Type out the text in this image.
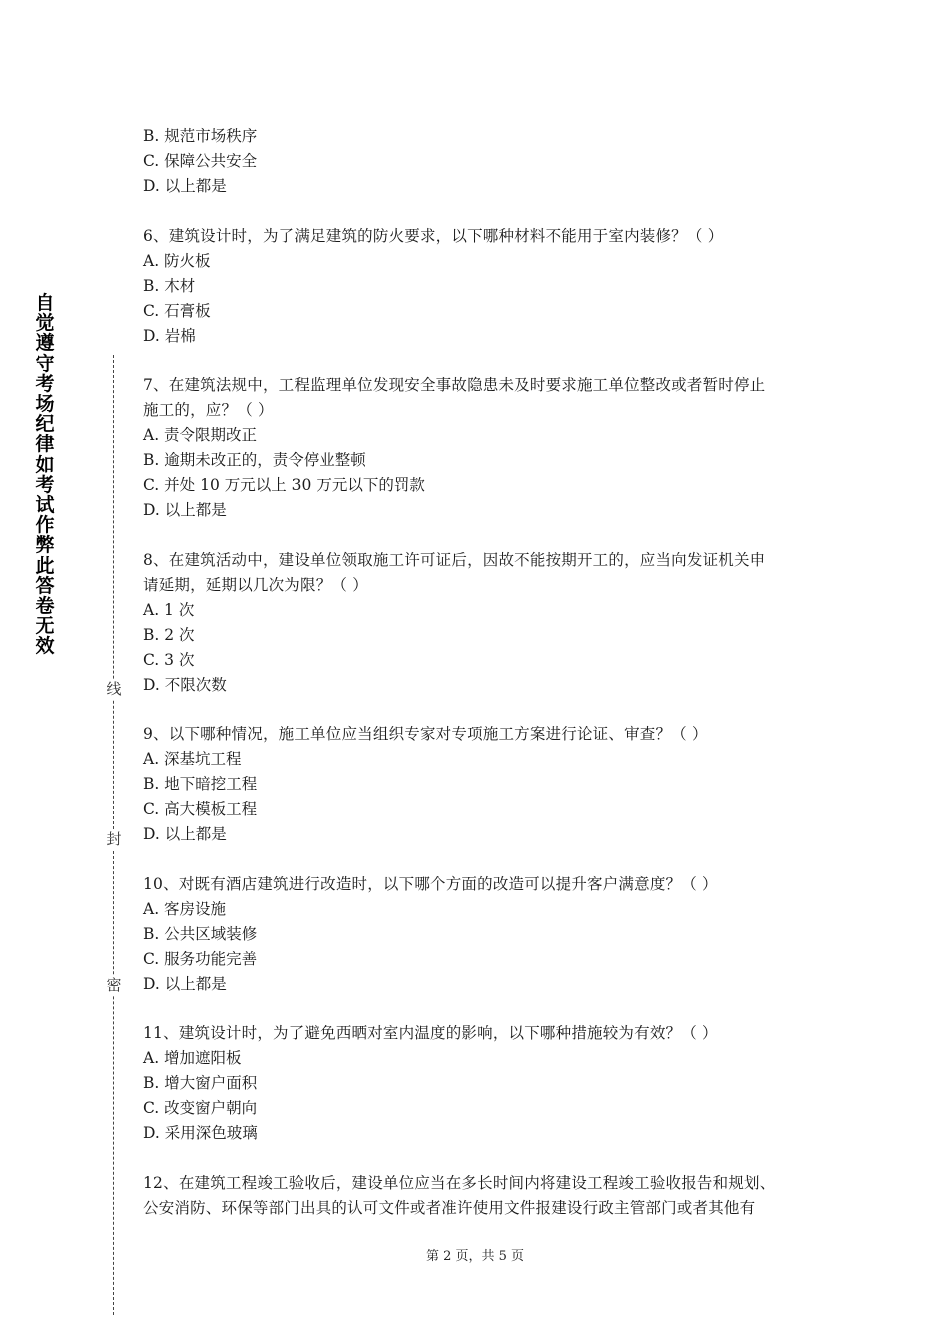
自
觉
遵
守
考
场
纪
律
如
考
试
作
弊
此
答
卷
无
效
线
封
密
B. 规范市场秩序
C. 保障公共安全
D. 以上都是
6、建筑设计时，为了满足建筑的防火要求，以下哪种材料不能用于室内装修？（ ）
A. 防火板
B. 木材
C. 石膏板
D. 岩棉
7、在建筑法规中，工程监理单位发现安全事故隐患未及时要求施工单位整改或者暂时停止
施工的，应？（ ）
A. 责令限期改正
B. 逾期未改正的，责令停业整顿
C. 并处 10 万元以上 30 万元以下的罚款
D. 以上都是
8、在建筑活动中，建设单位领取施工许可证后，因故不能按期开工的，应当向发证机关申
请延期，延期以几次为限？（ ）
A. 1 次
B. 2 次
C. 3 次
D. 不限次数
9、以下哪种情况，施工单位应当组织专家对专项施工方案进行论证、审查？（ ）
A. 深基坑工程
B. 地下暗挖工程
C. 高大模板工程
D. 以上都是
10、对既有酒店建筑进行改造时，以下哪个方面的改造可以提升客户满意度？（ ）
A. 客房设施
B. 公共区域装修
C. 服务功能完善
D. 以上都是
11、建筑设计时，为了避免西晒对室内温度的影响，以下哪种措施较为有效？（ ）
A. 增加遮阳板
B. 增大窗户面积
C. 改变窗户朝向
D. 采用深色玻璃
12、在建筑工程竣工验收后，建设单位应当在多长时间内将建设工程竣工验收报告和规划、
公安消防、环保等部门出具的认可文件或者准许使用文件报建设行政主管部门或者其他有
第 2 页，共 5 页
